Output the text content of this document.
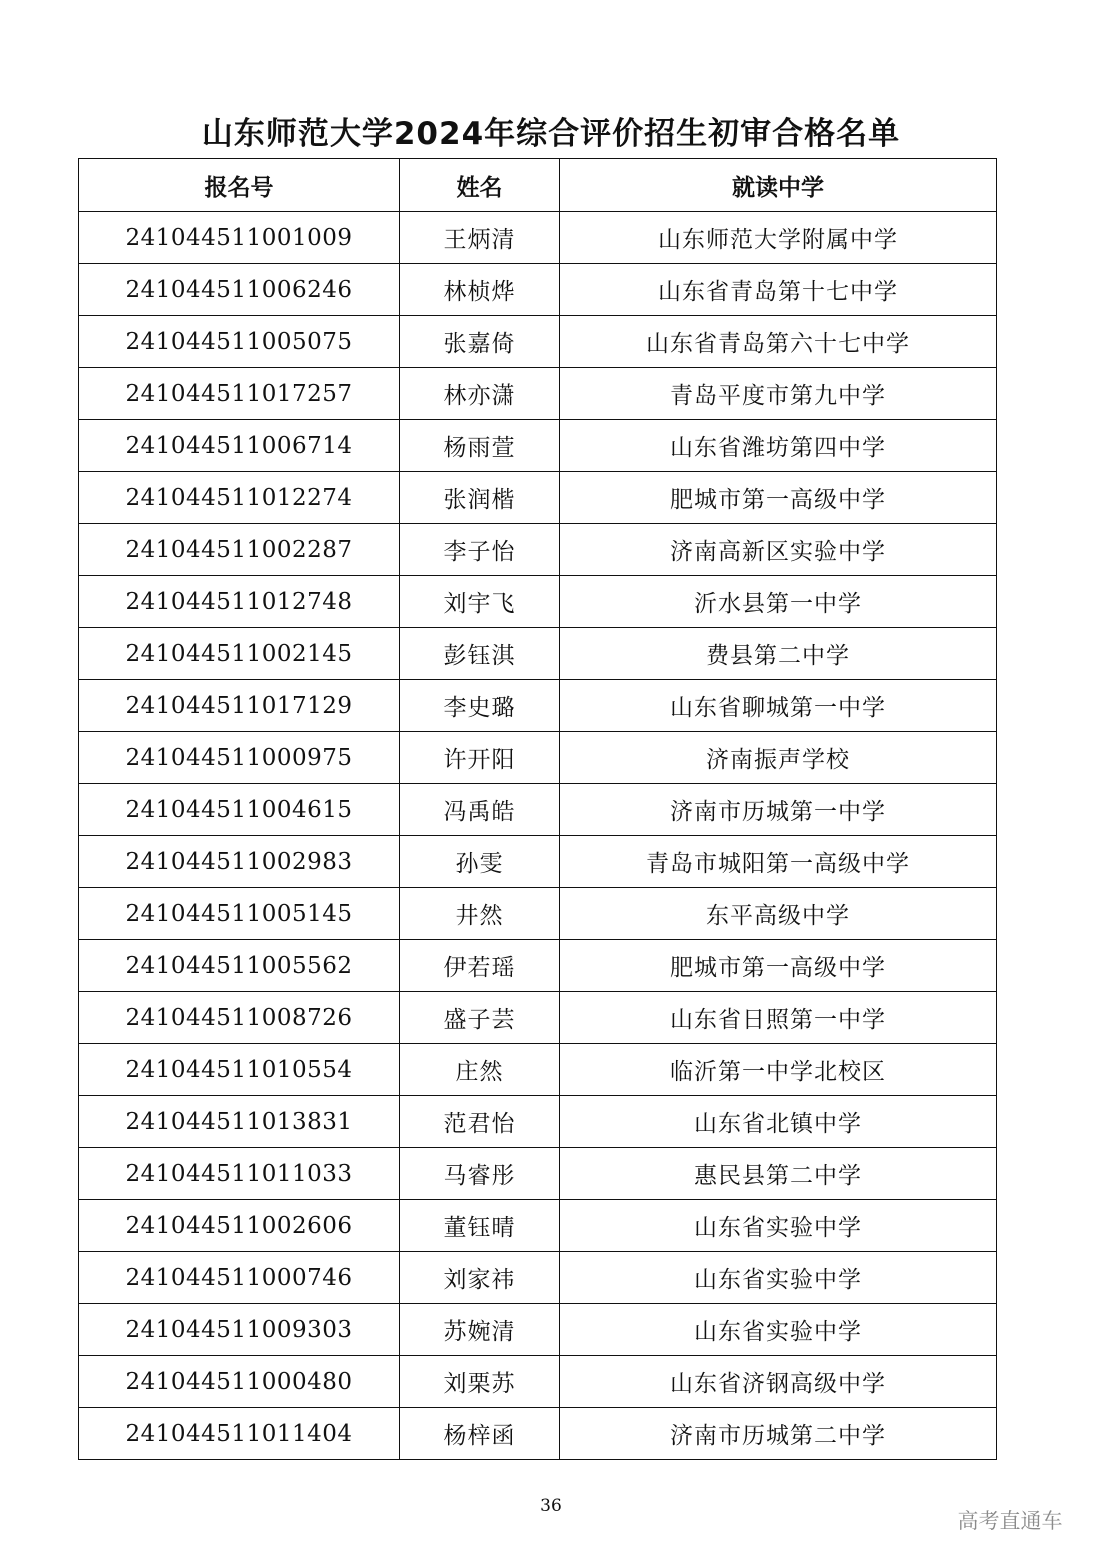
山东师范大学2024年综合评价招生初审合格名单
报名号	姓名	就读中学
241044511001009	王炳清	山东师范大学附属中学
241044511006246	林桢烨	山东省青岛第十七中学
241044511005075	张嘉倚	山东省青岛第六十七中学
241044511017257	林亦潇	青岛平度市第九中学
241044511006714	杨雨萱	山东省潍坊第四中学
241044511012274	张润楷	肥城市第一高级中学
241044511002287	李子怡	济南高新区实验中学
241044511012748	刘宇飞	沂水县第一中学
241044511002145	彭钰淇	费县第二中学
241044511017129	李史璐	山东省聊城第一中学
241044511000975	许开阳	济南振声学校
241044511004615	冯禹皓	济南市历城第一中学
241044511002983	孙雯	青岛市城阳第一高级中学
241044511005145	井然	东平高级中学
241044511005562	伊若瑶	肥城市第一高级中学
241044511008726	盛子芸	山东省日照第一中学
241044511010554	庄然	临沂第一中学北校区
241044511013831	范君怡	山东省北镇中学
241044511011033	马睿彤	惠民县第二中学
241044511002606	董钰晴	山东省实验中学
241044511000746	刘家祎	山东省实验中学
241044511009303	苏婉清	山东省实验中学
241044511000480	刘栗苏	山东省济钢高级中学
241044511011404	杨梓函	济南市历城第二中学
36
高考直通车
